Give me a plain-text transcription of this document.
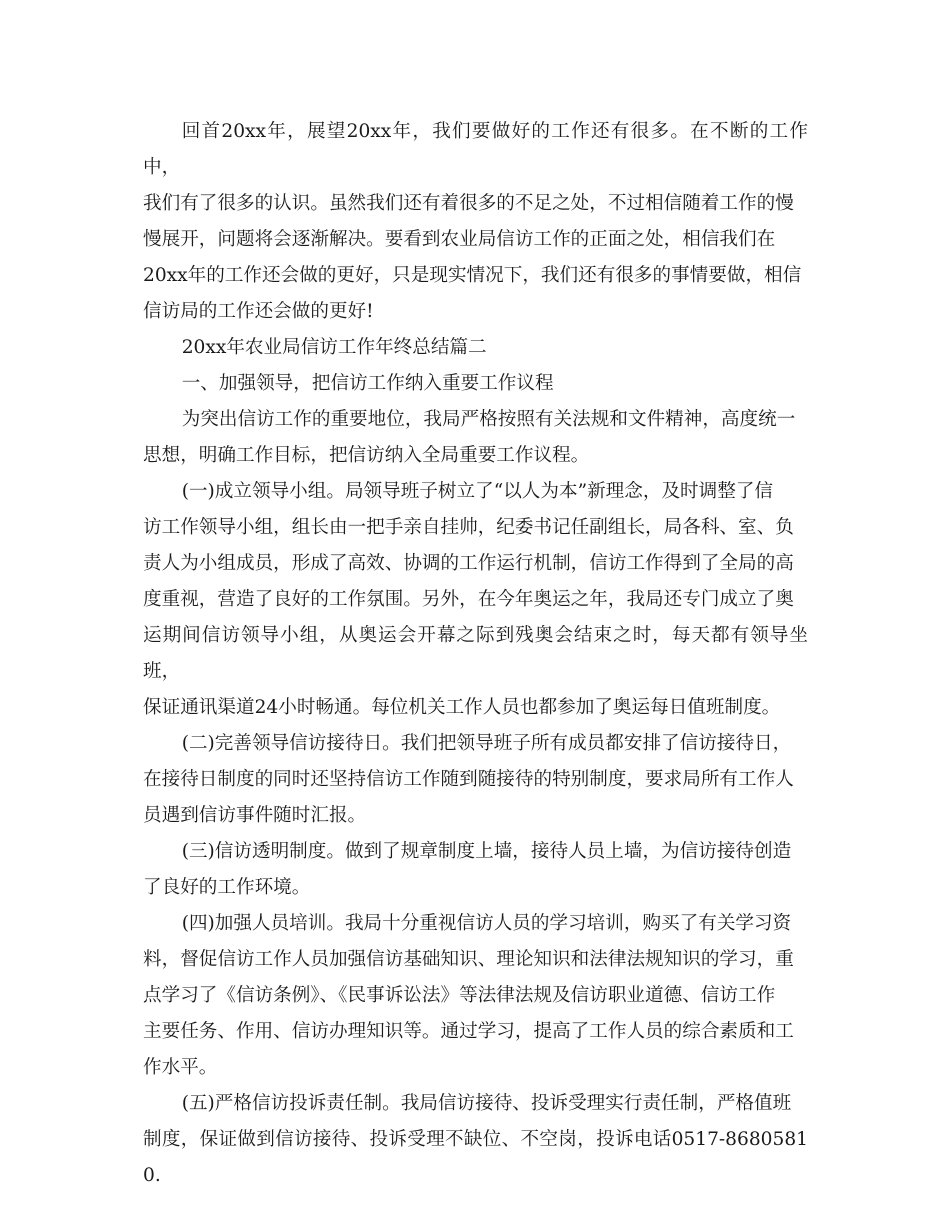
回首20xx年，展望20xx年，我们要做好的工作还有很多。在不断的工作中，
我们有了很多的认识。虽然我们还有着很多的不足之处，不过相信随着工作的慢
慢展开，问题将会逐渐解决。要看到农业局信访工作的正面之处，相信我们在
20xx年的工作还会做的更好，只是现实情况下，我们还有很多的事情要做，相信
信访局的工作还会做的更好!

20xx年农业局信访工作年终总结篇二

一、加强领导，把信访工作纳入重要工作议程

为突出信访工作的重要地位，我局严格按照有关法规和文件精神，高度统一
思想，明确工作目标，把信访纳入全局重要工作议程。

(一)成立领导小组。局领导班子树立了“以人为本”新理念，及时调整了信
访工作领导小组，组长由一把手亲自挂帅，纪委书记任副组长，局各科、室、负
责人为小组成员，形成了高效、协调的工作运行机制，信访工作得到了全局的高
度重视，营造了良好的工作氛围。另外，在今年奥运之年，我局还专门成立了奥
运期间信访领导小组，从奥运会开幕之际到残奥会结束之时，每天都有领导坐班，
保证通讯渠道24小时畅通。每位机关工作人员也都参加了奥运每日值班制度。

(二)完善领导信访接待日。我们把领导班子所有成员都安排了信访接待日，
在接待日制度的同时还坚持信访工作随到随接待的特别制度，要求局所有工作人
员遇到信访事件随时汇报。

(三)信访透明制度。做到了规章制度上墙，接待人员上墙，为信访接待创造
了良好的工作环境。

(四)加强人员培训。我局十分重视信访人员的学习培训，购买了有关学习资
料，督促信访工作人员加强信访基础知识、理论知识和法律法规知识的学习，重
点学习了《信访条例》、《民事诉讼法》等法律法规及信访职业道德、信访工作
主要任务、作用、信访办理知识等。通过学习，提高了工作人员的综合素质和工
作水平。

(五)严格信访投诉责任制。我局信访接待、投诉受理实行责任制，严格值班
制度，保证做到信访接待、投诉受理不缺位、不空岗，投诉电话0517-86805810.
